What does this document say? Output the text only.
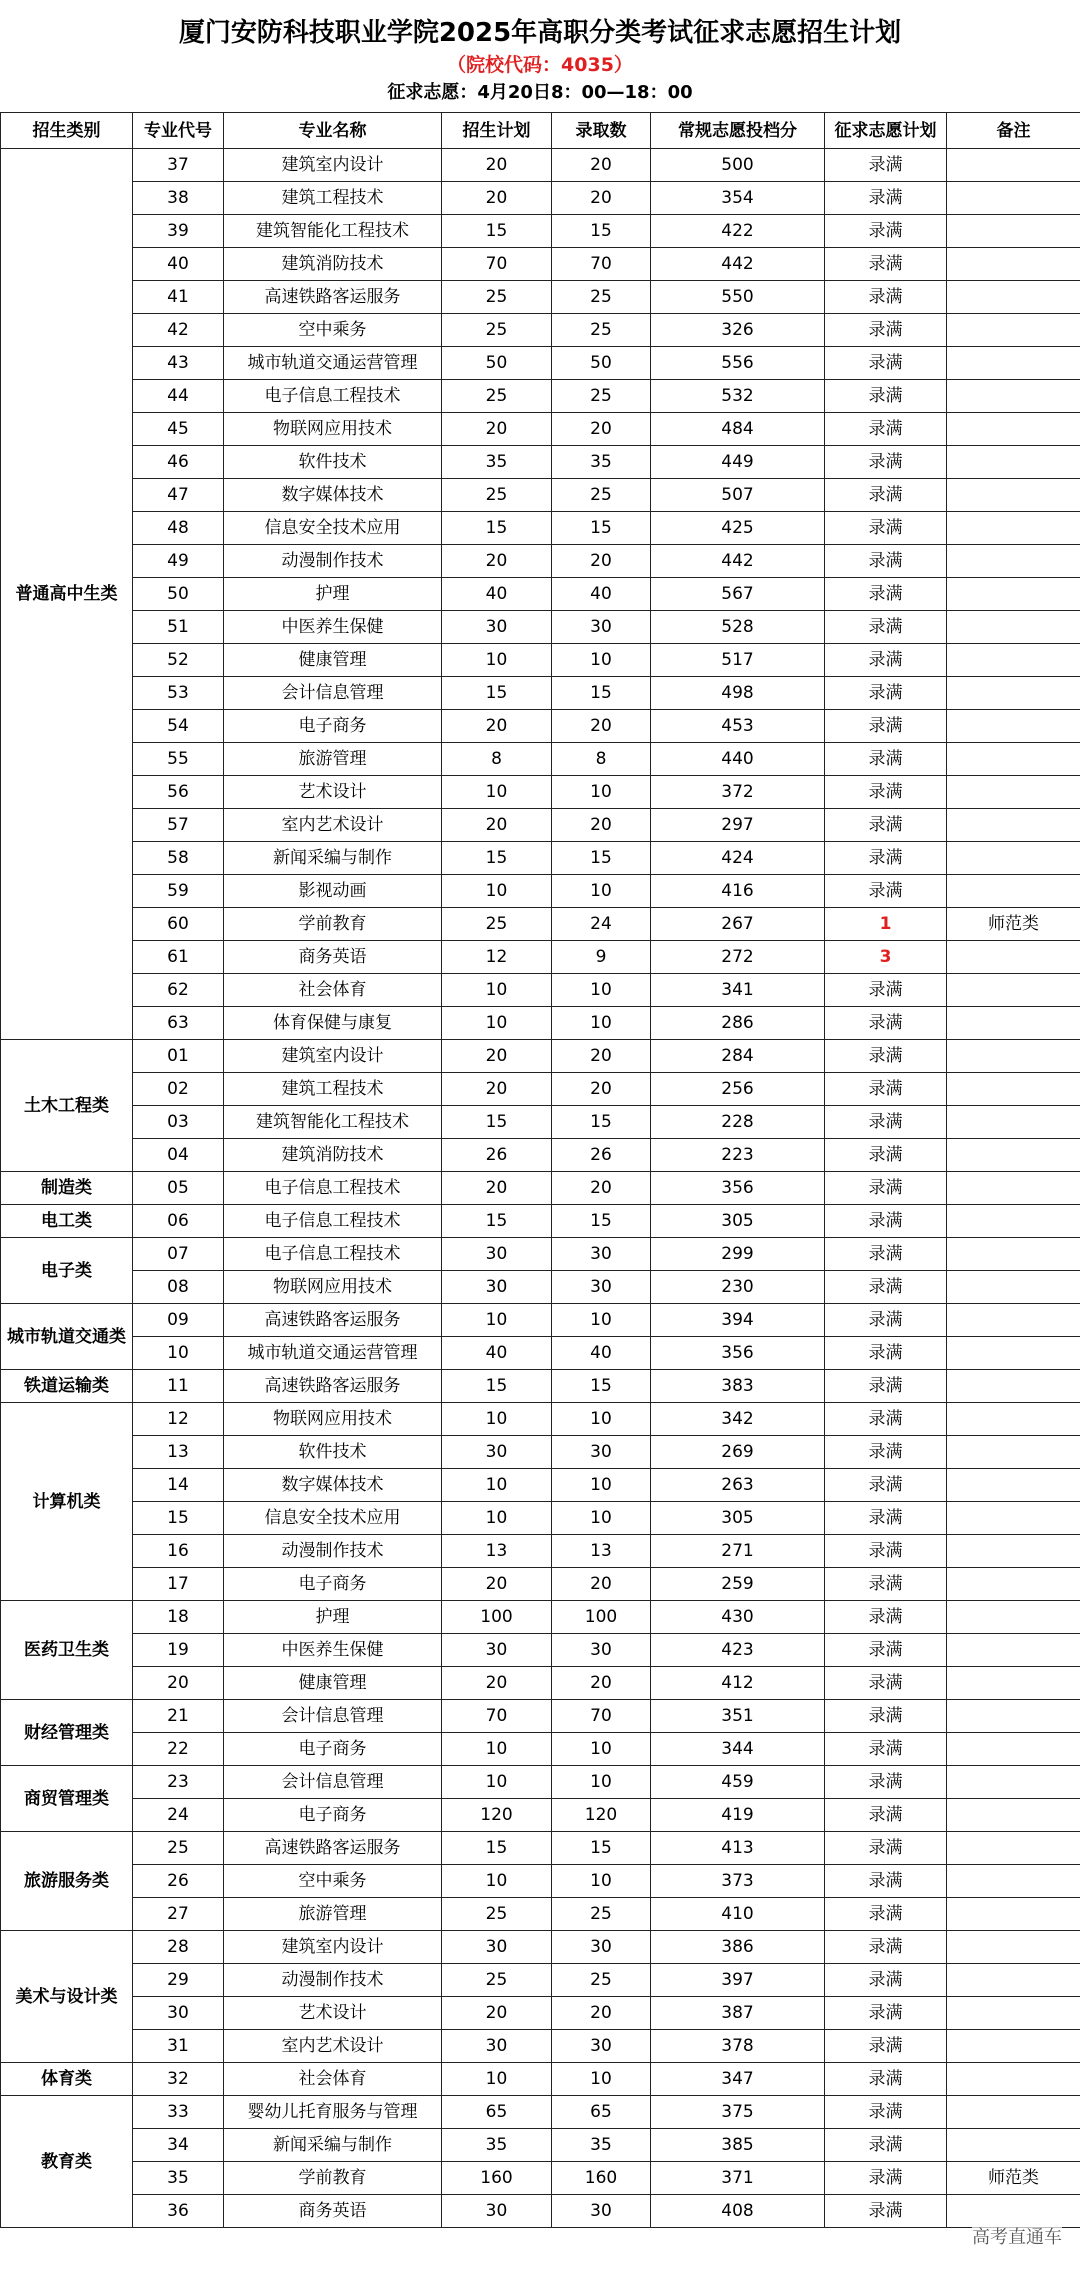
厦门安防科技职业学院2025年高职分类考试征求志愿招生计划
（院校代码：4035）
征求志愿：4月20日8：00—18：00
招生类别	专业代号	专业名称	招生计划	录取数	常规志愿投档分	征求志愿计划	备注
普通高中生类	37	建筑室内设计	20	20	500	录满	
	38	建筑工程技术	20	20	354	录满	
	39	建筑智能化工程技术	15	15	422	录满	
	40	建筑消防技术	70	70	442	录满	
	41	高速铁路客运服务	25	25	550	录满	
	42	空中乘务	25	25	326	录满	
	43	城市轨道交通运营管理	50	50	556	录满	
	44	电子信息工程技术	25	25	532	录满	
	45	物联网应用技术	20	20	484	录满	
	46	软件技术	35	35	449	录满	
	47	数字媒体技术	25	25	507	录满	
	48	信息安全技术应用	15	15	425	录满	
	49	动漫制作技术	20	20	442	录满	
	50	护理	40	40	567	录满	
	51	中医养生保健	30	30	528	录满	
	52	健康管理	10	10	517	录满	
	53	会计信息管理	15	15	498	录满	
	54	电子商务	20	20	453	录满	
	55	旅游管理	8	8	440	录满	
	56	艺术设计	10	10	372	录满	
	57	室内艺术设计	20	20	297	录满	
	58	新闻采编与制作	15	15	424	录满	
	59	影视动画	10	10	416	录满	
	60	学前教育	25	24	267	1	师范类
	61	商务英语	12	9	272	3	
	62	社会体育	10	10	341	录满	
	63	体育保健与康复	10	10	286	录满	
土木工程类	01	建筑室内设计	20	20	284	录满	
	02	建筑工程技术	20	20	256	录满	
	03	建筑智能化工程技术	15	15	228	录满	
	04	建筑消防技术	26	26	223	录满	
制造类	05	电子信息工程技术	20	20	356	录满	
电工类	06	电子信息工程技术	15	15	305	录满	
电子类	07	电子信息工程技术	30	30	299	录满	
	08	物联网应用技术	30	30	230	录满	
城市轨道交通类	09	高速铁路客运服务	10	10	394	录满	
	10	城市轨道交通运营管理	40	40	356	录满	
铁道运输类	11	高速铁路客运服务	15	15	383	录满	
计算机类	12	物联网应用技术	10	10	342	录满	
	13	软件技术	30	30	269	录满	
	14	数字媒体技术	10	10	263	录满	
	15	信息安全技术应用	10	10	305	录满	
	16	动漫制作技术	13	13	271	录满	
	17	电子商务	20	20	259	录满	
医药卫生类	18	护理	100	100	430	录满	
	19	中医养生保健	30	30	423	录满	
	20	健康管理	20	20	412	录满	
财经管理类	21	会计信息管理	70	70	351	录满	
	22	电子商务	10	10	344	录满	
商贸管理类	23	会计信息管理	10	10	459	录满	
	24	电子商务	120	120	419	录满	
旅游服务类	25	高速铁路客运服务	15	15	413	录满	
	26	空中乘务	10	10	373	录满	
	27	旅游管理	25	25	410	录满	
美术与设计类	28	建筑室内设计	30	30	386	录满	
	29	动漫制作技术	25	25	397	录满	
	30	艺术设计	20	20	387	录满	
	31	室内艺术设计	30	30	378	录满	
体育类	32	社会体育	10	10	347	录满	
教育类	33	婴幼儿托育服务与管理	65	65	375	录满	
	34	新闻采编与制作	35	35	385	录满	
	35	学前教育	160	160	371	录满	师范类
	36	商务英语	30	30	408	录满	
高考直通车
